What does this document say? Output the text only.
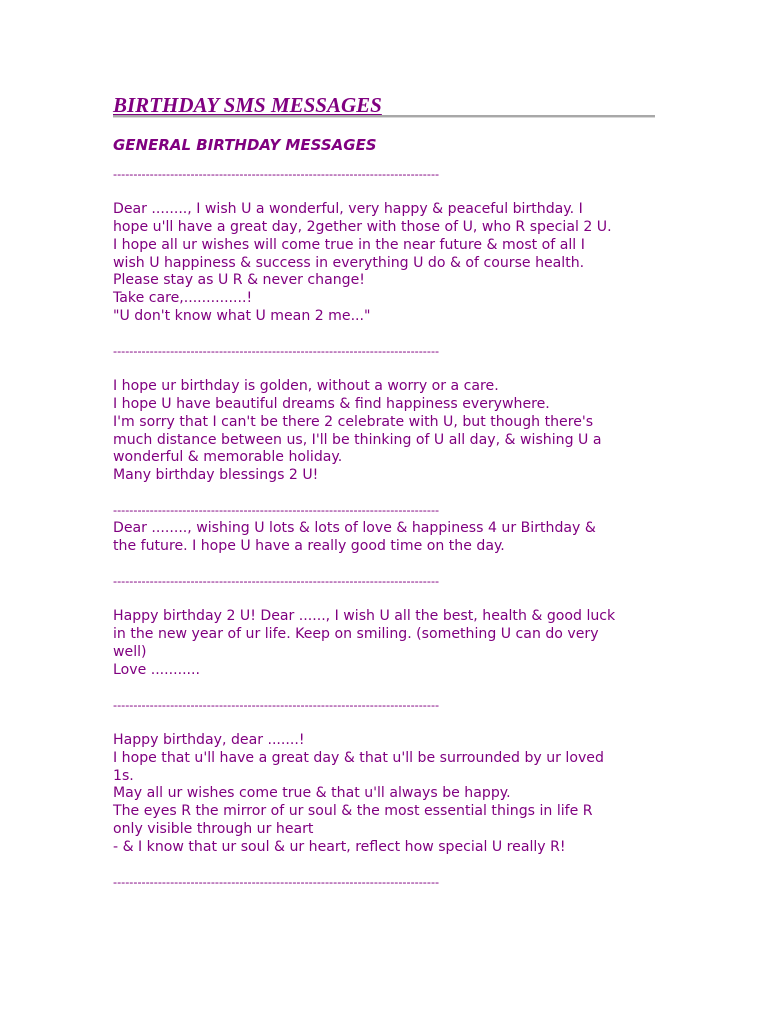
BIRTHDAY SMS MESSAGES
GENERAL BIRTHDAY MESSAGES
--------------------------------------------------------------------------------
Dear ........, I wish U a wonderful, very happy & peaceful birthday. I
hope u'll have a great day, 2gether with those of U, who R special 2 U.
I hope all ur wishes will come true in the near future & most of all I
wish U happiness & success in everything U do & of course health.
Please stay as U R & never change!
Take care,..............!
"U don't know what U mean 2 me..."
--------------------------------------------------------------------------------
I hope ur birthday is golden, without a worry or a care.
I hope U have beautiful dreams & find happiness everywhere.
I'm sorry that I can't be there 2 celebrate with U, but though there's
much distance between us, I'll be thinking of U all day, & wishing U a
wonderful & memorable holiday.
Many birthday blessings 2 U!
--------------------------------------------------------------------------------
Dear ........, wishing U lots & lots of love & happiness 4 ur Birthday &
the future. I hope U have a really good time on the day.
--------------------------------------------------------------------------------
Happy birthday 2 U! Dear ......, I wish U all the best, health & good luck
in the new year of ur life. Keep on smiling. (something U can do very
well)
Love ...........
--------------------------------------------------------------------------------
Happy birthday, dear .......!
I hope that u'll have a great day & that u'll be surrounded by ur loved
1s.
May all ur wishes come true & that u'll always be happy.
The eyes R the mirror of ur soul & the most essential things in life R
only visible through ur heart
- & I know that ur soul & ur heart, reflect how special U really R!
--------------------------------------------------------------------------------
